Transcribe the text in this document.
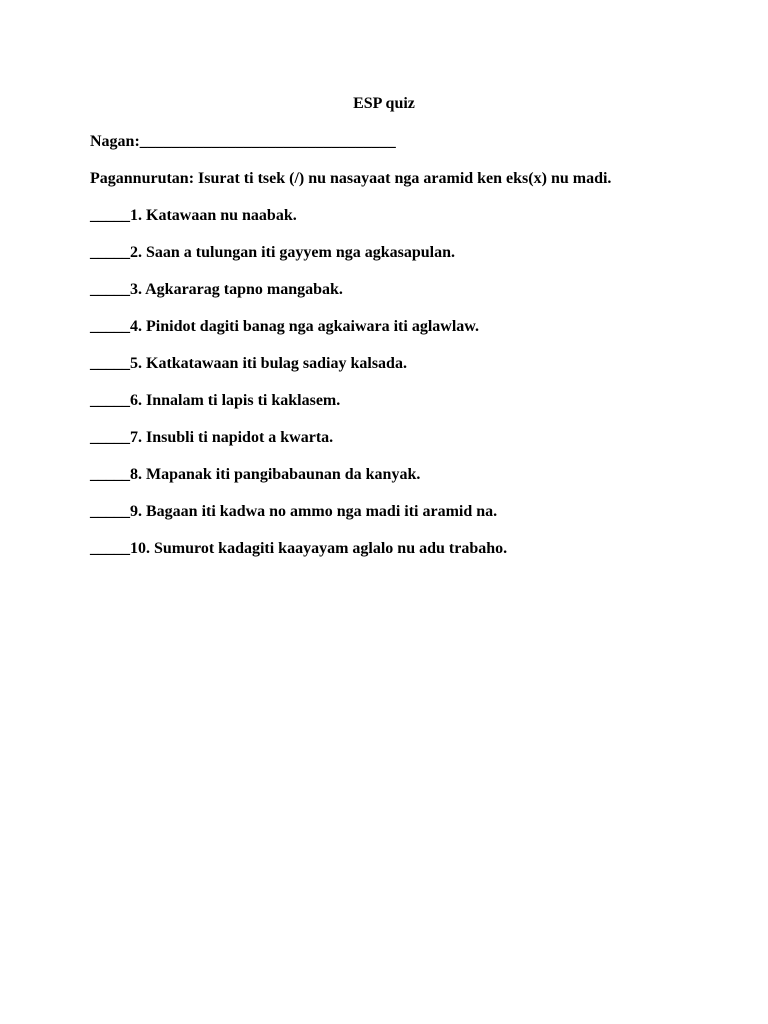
ESP quiz
Nagan:________________________________
Pagannurutan: Isurat ti tsek (/) nu nasayaat nga aramid ken eks(x) nu madi.
_____1. Katawaan nu naabak.
_____2. Saan a tulungan iti gayyem nga agkasapulan.
_____3. Agkararag tapno mangabak.
_____4. Pinidot dagiti banag nga agkaiwara iti aglawlaw.
_____5. Katkatawaan iti bulag sadiay kalsada.
_____6. Innalam ti lapis ti kaklasem.
_____7. Insubli ti napidot a kwarta.
_____8. Mapanak iti pangibabaunan da kanyak.
_____9. Bagaan iti kadwa no ammo nga madi iti aramid na.
_____10. Sumurot kadagiti kaayayam aglalo nu adu trabaho.
